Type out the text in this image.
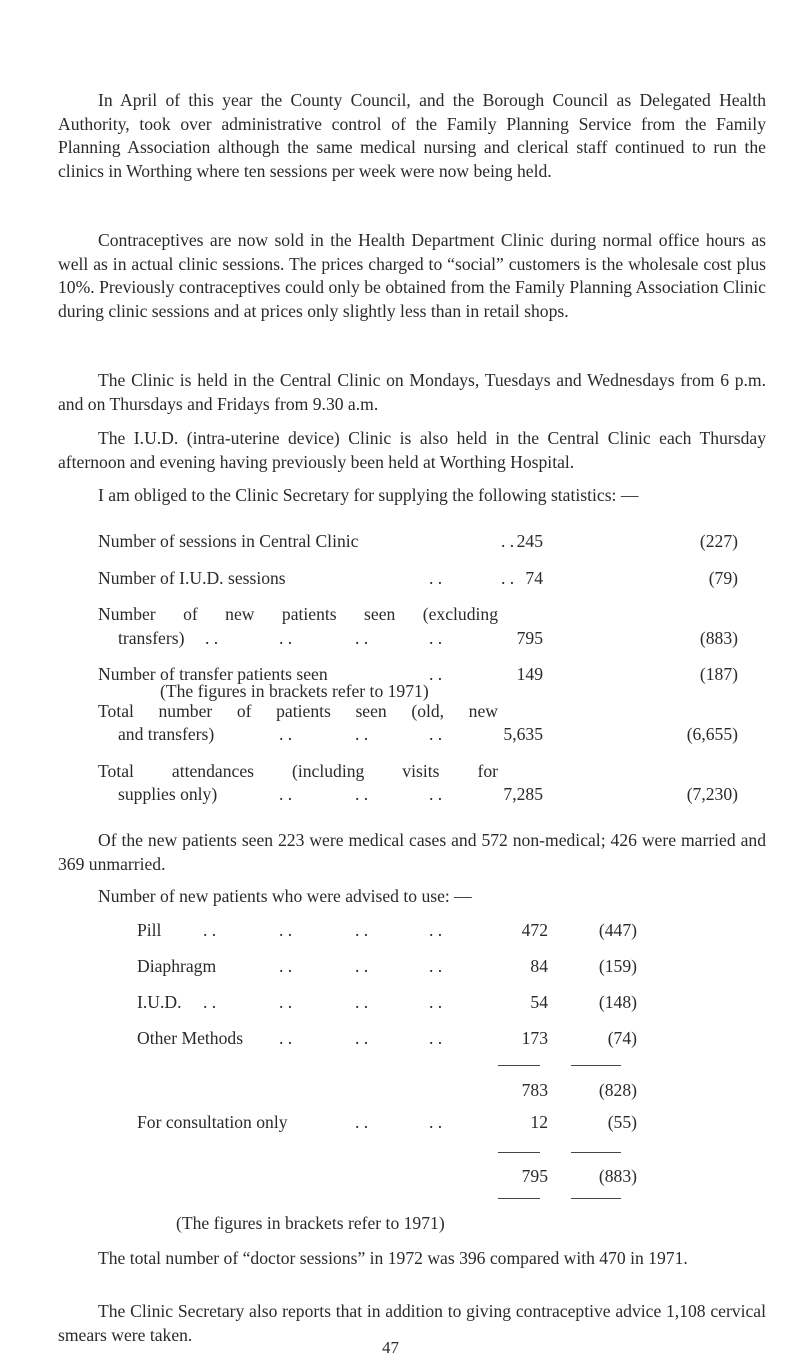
In April of this year the County Council, and the Borough Council as Delegated Health Authority, took over administrative control of the Family Planning Service from the Family Planning Association although the same medical nursing and clerical staff continued to run the clinics in Worthing where ten sessions per week were now being held.

Contraceptives are now sold in the Health Department Clinic during normal office hours as well as in actual clinic sessions. The prices charged to “social” customers is the wholesale cost plus 10%. Previously contraceptives could only be obtained from the Family Planning Association Clinic during clinic sessions and at prices only slightly less than in retail shops.

The Clinic is held in the Central Clinic on Mondays, Tuesdays and Wednesdays from 6 p.m. and on Thursdays and Fridays from 9.30 a.m.

The I.U.D. (intra-uterine device) Clinic is also held in the Central Clinic each Thursday afternoon and evening having previously been held at Worthing Hospital.

I am obliged to the Clinic Secretary for supplying the following statistics: —

Number of sessions in Central Clinic	. . 245	(227)
Number of I.U.D. sessions	. .	. . 74	(79)
Number of new patients seen (excluding
transfers)	. .	. .	. .	. .	795	(883)
Number of transfer patients seen	. .	149	(187)
Total number of patients seen (old, new
and transfers)	. .	. .	. .	5,635	(6,655)
Total attendances (including visits for
supplies only)	. .	. .	. .	7,285	(7,230)
(The figures in brackets refer to 1971)

Of the new patients seen 223 were medical cases and 572 non-medical; 426 were married and 369 unmarried.

Number of new patients who were advised to use: —
Pill . .	. .	. .	. .	472	(447)
Diaphragm	. .	. .	. .	84	(159)
I.U.D. . .	. .	. .	. .	54	(148)
Other Methods . .	. .	. .	173	(74)
783	(828)
For consultation only	. .	. .	12	(55)
795	(883)
(The figures in brackets refer to 1971)

The total number of “doctor sessions” in 1972 was 396 compared with 470 in 1971.

The Clinic Secretary also reports that in addition to giving contraceptive advice 1,108 cervical smears were taken.

47
